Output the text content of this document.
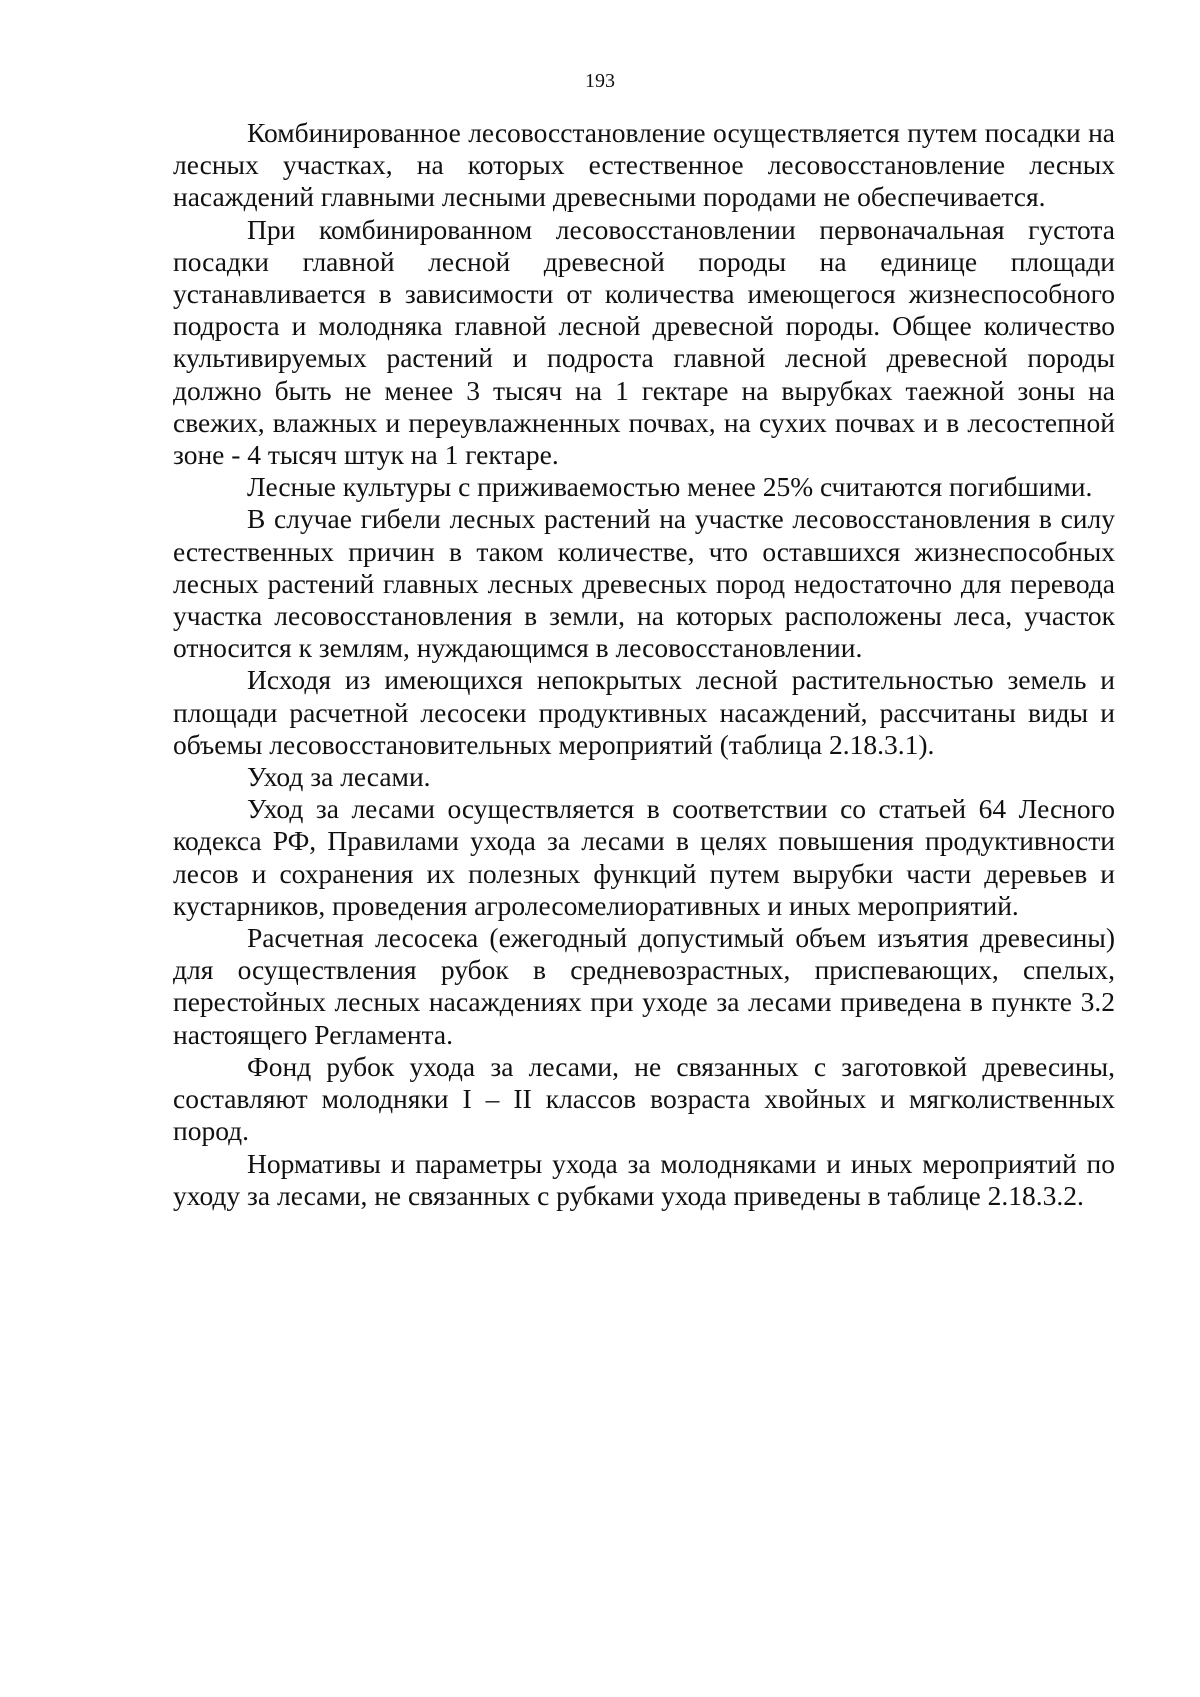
193

Комбинированное лесовосстановление осуществляется путем посадки на лесных участках, на которых естественное лесовосстановление лесных насаждений главными лесными древесными породами не обеспечивается.

При комбинированном лесовосстановлении первоначальная густота посадки главной лесной древесной породы на единице площади устанавливается в зависимости от количества имеющегося жизнеспособного подроста и молодняка главной лесной древесной породы. Общее количество культивируемых растений и подроста главной лесной древесной породы должно быть не менее 3 тысяч на 1 гектаре на вырубках таежной зоны на свежих, влажных и переувлажненных почвах, на сухих почвах и в лесостепной зоне - 4 тысяч штук на 1 гектаре.

Лесные культуры с приживаемостью менее 25% считаются погибшими.

В случае гибели лесных растений на участке лесовосстановления в силу естественных причин в таком количестве, что оставшихся жизнеспособных лесных растений главных лесных древесных пород недостаточно для перевода участка лесовосстановления в земли, на которых расположены леса, участок относится к землям, нуждающимся в лесовосстановлении.

Исходя из имеющихся непокрытых лесной растительностью земель и площади расчетной лесосеки продуктивных насаждений, рассчитаны виды и объемы лесовосстановительных мероприятий (таблица 2.18.3.1).

Уход за лесами.

Уход за лесами осуществляется в соответствии со статьей 64 Лесного кодекса РФ, Правилами ухода за лесами в целях повышения продуктивности лесов и сохранения их полезных функций путем вырубки части деревьев и кустарников, проведения агролесомелиоративных и иных мероприятий.

Расчетная лесосека (ежегодный допустимый объем изъятия древесины) для осуществления рубок в средневозрастных, приспевающих, спелых, перестойных лесных насаждениях при уходе за лесами приведена в пункте 3.2 настоящего Регламента.

Фонд рубок ухода за лесами, не связанных с заготовкой древесины, составляют молодняки I – II классов возраста хвойных и мягколиственных пород.

Нормативы и параметры ухода за молодняками и иных мероприятий по уходу за лесами, не связанных с рубками ухода приведены в таблице 2.18.3.2.
